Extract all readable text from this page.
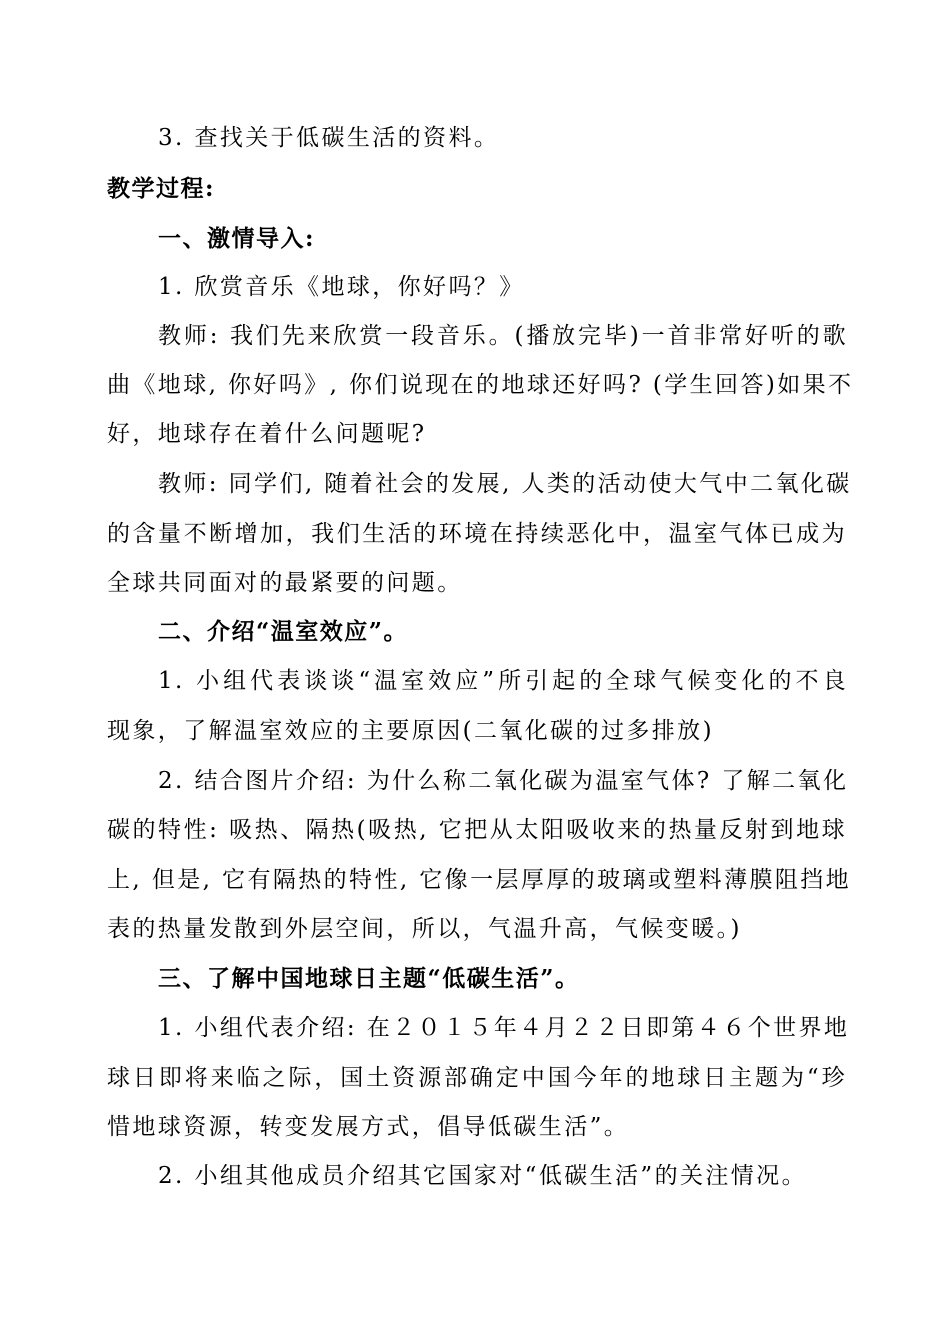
3. 查找关于低碳生活的资料。
教学过程:
一、激情导入:
1. 欣赏音乐《地球，你好吗？》
教师: 我们先来欣赏一段音乐。(播放完毕)一首非常好听的歌
曲《地球, 你好吗》, 你们说现在的地球还好吗? (学生回答)如果不
好，地球存在着什么问题呢?
教师: 同学们, 随着社会的发展, 人类的活动使大气中二氧化碳
的含量不断增加，我们生活的环境在持续恶化中，温室气体已成为
全球共同面对的最紧要的问题。
二、介绍“温室效应”。
1. 小组代表谈谈“温室效应”所引起的全球气候变化的不良
现象，了解温室效应的主要原因(二氧化碳的过多排放)
2. 结合图片介绍: 为什么称二氧化碳为温室气体? 了解二氧化
碳的特性: 吸热、隔热(吸热, 它把从太阳吸收来的热量反射到地球
上, 但是, 它有隔热的特性, 它像一层厚厚的玻璃或塑料薄膜阻挡地
表的热量发散到外层空间，所以，气温升高，气候变暖。)
三、了解中国地球日主题“低碳生活”。
1. 小组代表介绍: 在２０１５年４月２２日即第４６个世界地
球日即将来临之际，国土资源部确定中国今年的地球日主题为“珍
惜地球资源，转变发展方式，倡导低碳生活”。
2. 小组其他成员介绍其它国家对“低碳生活”的关注情况。
